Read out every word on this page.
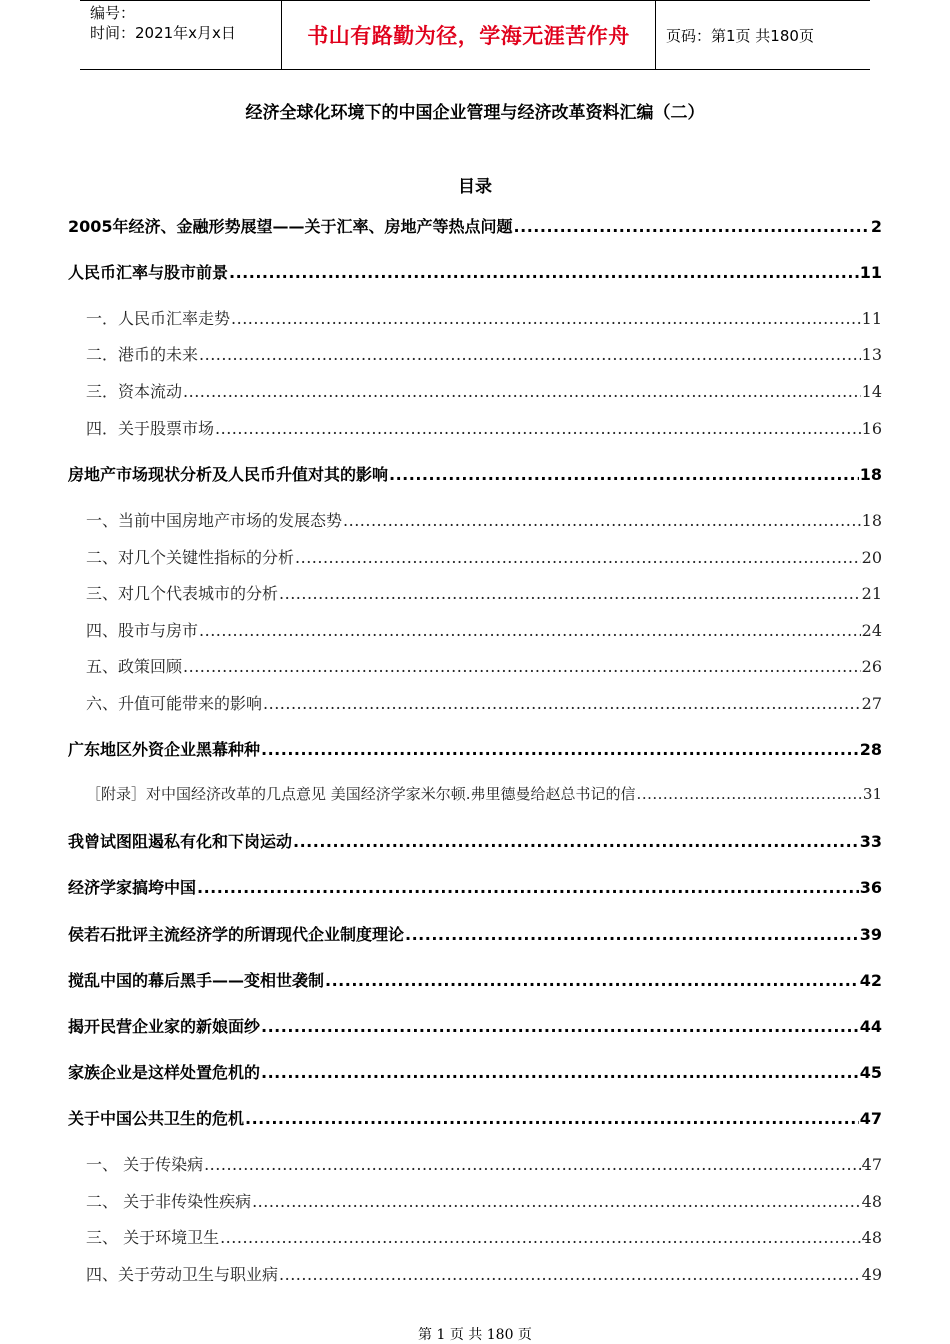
编号：
时间：2021年x月x日	书山有路勤为径，学海无涯苦作舟 页码：第1页 共180页
经济全球化环境下的中国企业管理与经济改革资料汇编（二）
目录
2005年经济、金融形势展望——关于汇率、房地产等热点问题 .....	2
人民币汇率与股市前景 .....	11
一．人民币汇率走势 .....	11
二．港币的未来 .....	13
三．资本流动 .....	14
四．关于股票市场 .....	16
房地产市场现状分析及人民币升值对其的影响 .....	18
一、当前中国房地产市场的发展态势 .....	18
二、对几个关键性指标的分析 .....	20
三、对几个代表城市的分析 .....	21
四、股市与房市 .....	24
五、政策回顾 .....	26
六、升值可能带来的影响 .....	27
广东地区外资企业黑幕种种 .....	28
［附录］对中国经济改革的几点意见 美国经济学家米尔顿.弗里德曼给赵总书记的信 .....	31
我曾试图阻遏私有化和下岗运动 .....	33
经济学家搞垮中国 .....	36
侯若石批评主流经济学的所谓现代企业制度理论 .....	39
搅乱中国的幕后黑手——变相世袭制 .....	42
揭开民营企业家的新娘面纱 .....	44
家族企业是这样处置危机的 .....	45
关于中国公共卫生的危机 .....	47
一、 关于传染病 .....	47
二、 关于非传染性疾病 .....	48
三、 关于环境卫生 .....	48
四、关于劳动卫生与职业病 .....	49
第 1 页 共 180 页
